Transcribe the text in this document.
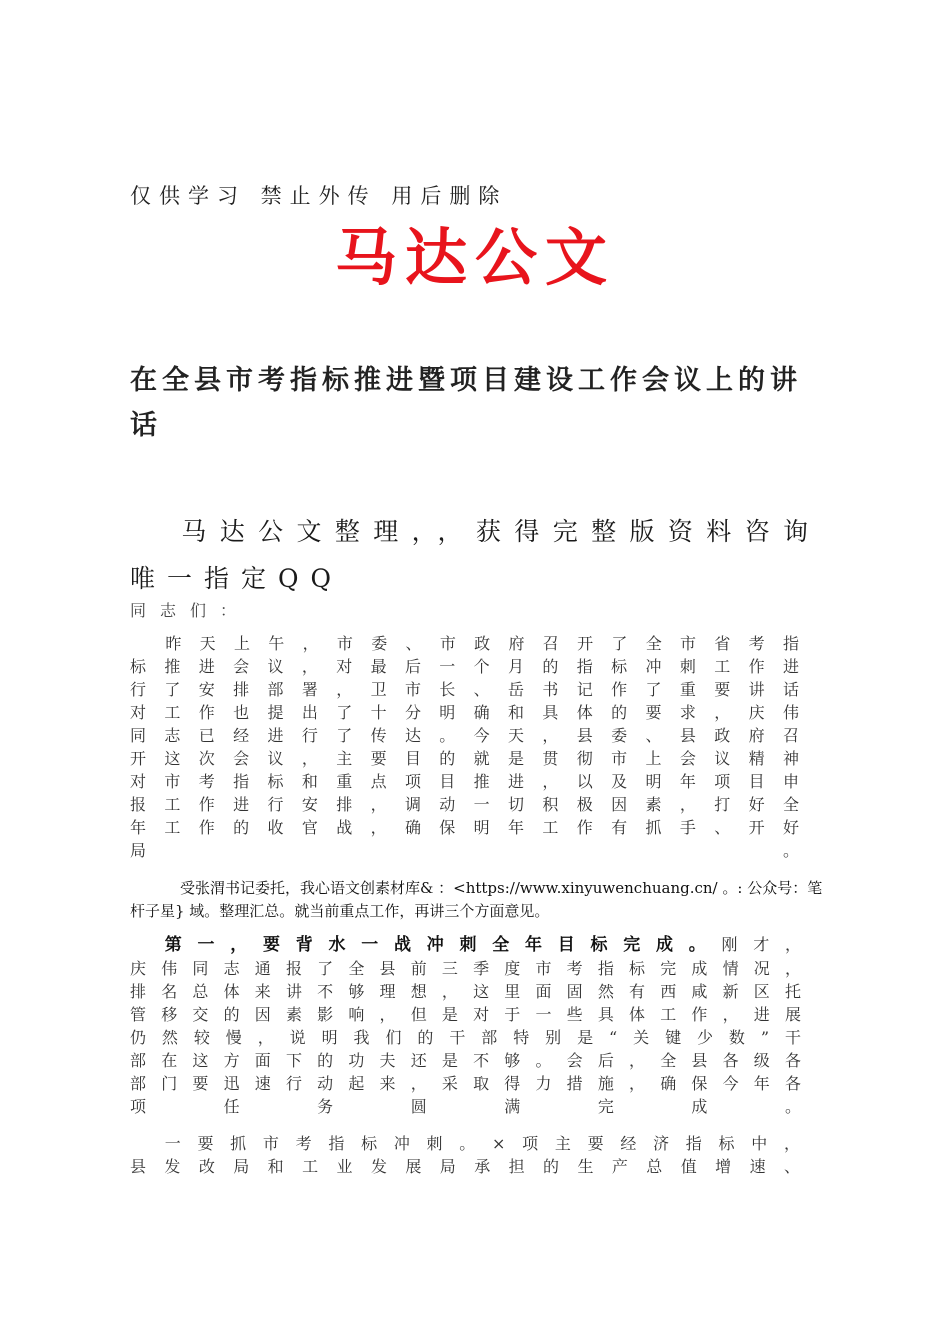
仅供学习 禁止外传 用后删除
马达公文
在全县市考指标推进暨项目建设工作会议上的讲话
马达公文整理，，获得完整版资料咨询唯一指定QQ
同志们：

昨天上午，市委、市政府召开了全市省考指标推进会议，对最后一个月的指标冲刺工作进行了安排部署，卫市长、岳书记作了重要讲话对工作也提出了十分明确和具体的要求，庆伟同志已经进行了传达。今天，县委、县政府召开这次会议，主要目的就是贯彻市上会议精神对市考指标和重点项目推进，以及明年项目申报工作进行安排，调动一切积极因素，打好全年工作的收官战，确保明年工作有抓手、开好局。

受张渭书记委托，我心语文创素材库& ：<https://www.xinyuwenchuang.cn/ 。: 公众号：笔杆子星} 域。整理汇总。就当前重点工作，再讲三个方面意见。

第一，要背水一战冲刺全年目标完成。刚才，庆伟同志通报了全县前三季度市考指标完成情况，排名总体来讲不够理想，这里面固然有西咸新区托管移交的因素影响，但是对于一些具体工作，进展仍然较慢，说明我们的干部特别是“关键少数”干部在这方面下的功夫还是不够。会后，全县各级各部门要迅速行动起来，采取得力措施，确保今年各项任务圆满完成。

一要抓市考指标冲刺。×项主要经济指标中，县发改局和工业发展局承担的生产总值增速、
